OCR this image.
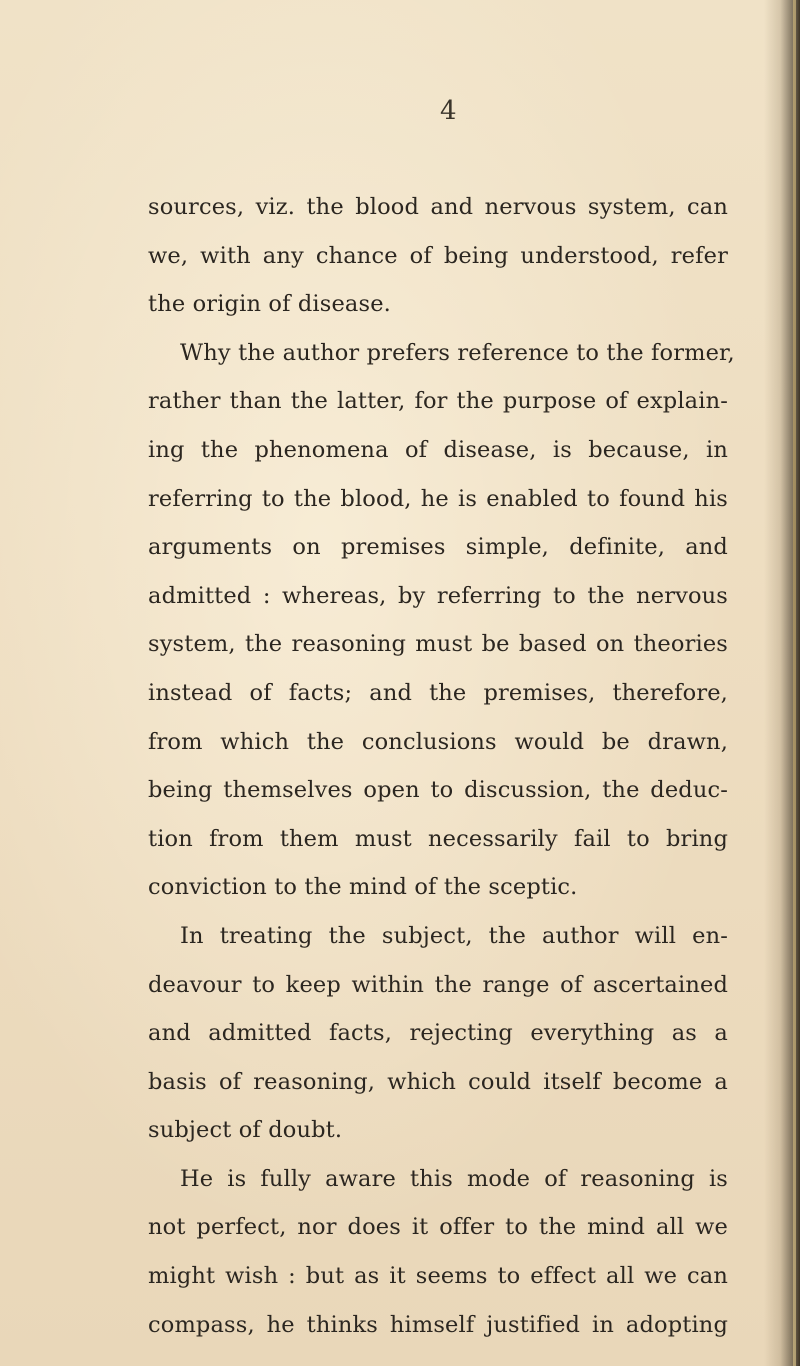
4
sources, viz. the blood and nervous system, can
we, with any chance of being understood, refer
the origin of disease.
Why the author prefers reference to the former,
rather than the latter, for the purpose of explain-
ing the phenomena of disease, is because, in
referring to the blood, he is enabled to found his
arguments on premises simple, definite, and
admitted : whereas, by referring to the nervous
system, the reasoning must be based on theories
instead of facts; and the premises, therefore,
from which the conclusions would be drawn,
being themselves open to discussion, the deduc-
tion from them must necessarily fail to bring
conviction to the mind of the sceptic.
In treating the subject, the author will en-
deavour to keep within the range of ascertained
and admitted facts, rejecting everything as a
basis of reasoning, which could itself become a
subject of doubt.
He is fully aware this mode of reasoning is
not perfect, nor does it offer to the mind all we
might wish : but as it seems to effect all we can
compass, he thinks himself justified in adopting
